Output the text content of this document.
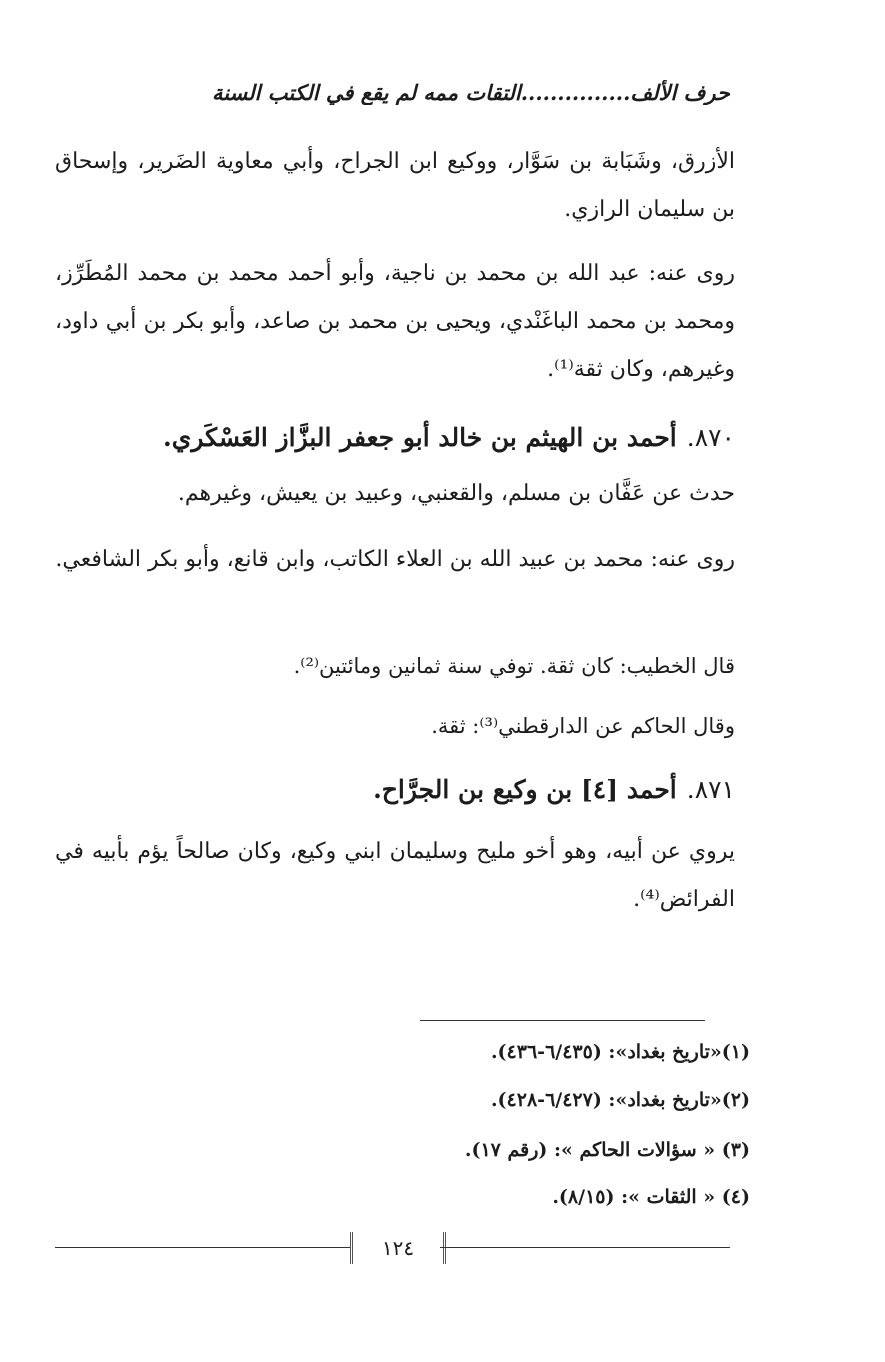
حرف الألف...............التقات ممه لم يقع في الكتب السنة
الأزرق، وشَبَابة بن سَوَّار، ووكيع ابن الجراح، وأبي معاوية الضَرير، وإسحاق بن سليمان الرازي.
روى عنه: عبد الله بن محمد بن ناجية، وأبو أحمد محمد بن محمد المُطَرِّز، ومحمد بن محمد الباغَنْدي، ويحيى بن محمد بن صاعد، وأبو بكر بن أبي داود، وغيرهم، وكان ثقة⁽¹⁾.
٨٧٠.أحمد بن الهيثم بن خالد أبو جعفر البزَّاز العَسْكَري.
حدث عن عَفَّان بن مسلم، والقعنبي، وعبيد بن يعيش، وغيرهم.
روى عنه: محمد بن عبيد الله بن العلاء الكاتب، وابن قانع، وأبو بكر الشافعي.
قال الخطيب: كان ثقة. توفي سنة ثمانين ومائتين⁽²⁾.
وقال الحاكم عن الدارقطني⁽³⁾: ثقة.
٨٧١.أحمد [٤] بن وكيع بن الجرَّاح.
يروي عن أبيه، وهو أخو مليح وسليمان ابني وكيع، وكان صالحاً يؤم بأبيه في الفرائض⁽⁴⁾.
(١)«تاريخ بغداد»: (٦/٤٣٥-٤٣٦).
(٢)«تاريخ بغداد»: (٦/٤٢٧-٤٢٨).
(٣) « سؤالات الحاكم »: (رقم ١٧).
(٤) « الثقات »: (٨/١٥).
١٢٤
